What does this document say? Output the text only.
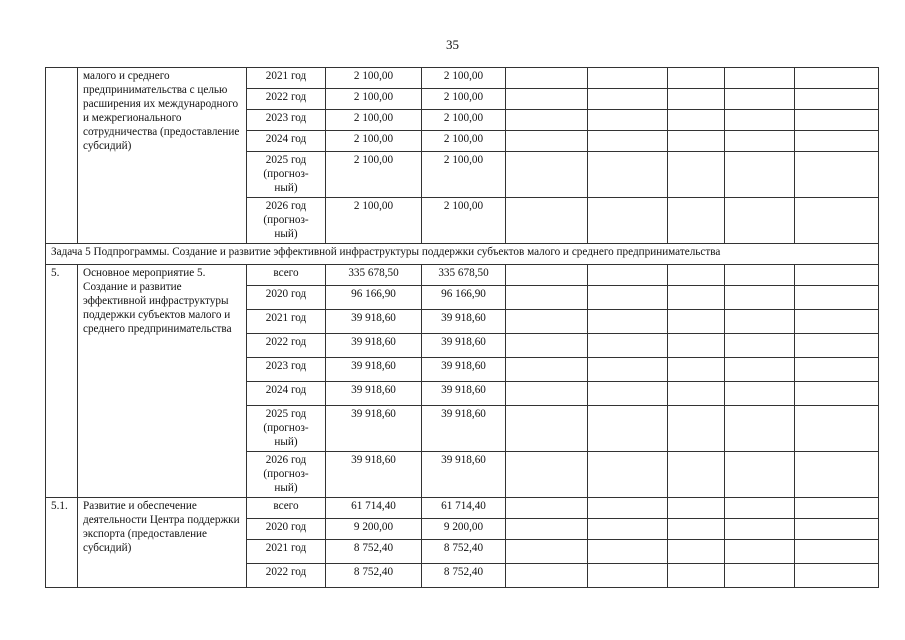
35
	малого и среднего предпринимательства с целью расширения их международного и межрегионального сотрудничества (предоставление субсидий)	2021 год	2 100,00	2 100,00					
		2022 год	2 100,00	2 100,00					
		2023 год	2 100,00	2 100,00					
		2024 год	2 100,00	2 100,00					
		2025 год (прогноз-ный)	2 100,00	2 100,00					
		2026 год (прогноз-ный)	2 100,00	2 100,00					
Задача 5 Подпрограммы. Создание и развитие эффективной инфраструктуры поддержки субъектов малого и среднего предпринимательства									
5.	Основное мероприятие 5. Создание и развитие эффективной инфраструктуры поддержки субъектов малого и среднего предпринимательства	всего	335 678,50	335 678,50					
		2020 год	96 166,90	96 166,90					
		2021 год	39 918,60	39 918,60					
		2022 год	39 918,60	39 918,60					
		2023 год	39 918,60	39 918,60					
		2024 год	39 918,60	39 918,60					
		2025 год (прогноз-ный)	39 918,60	39 918,60					
		2026 год (прогноз-ный)	39 918,60	39 918,60					
5.1.	Развитие и обеспечение деятельности Центра поддержки экспорта (предоставление субсидий)	всего	61 714,40	61 714,40					
		2020 год	9 200,00	9 200,00					
		2021 год	8 752,40	8 752,40					
		2022 год	8 752,40	8 752,40					
